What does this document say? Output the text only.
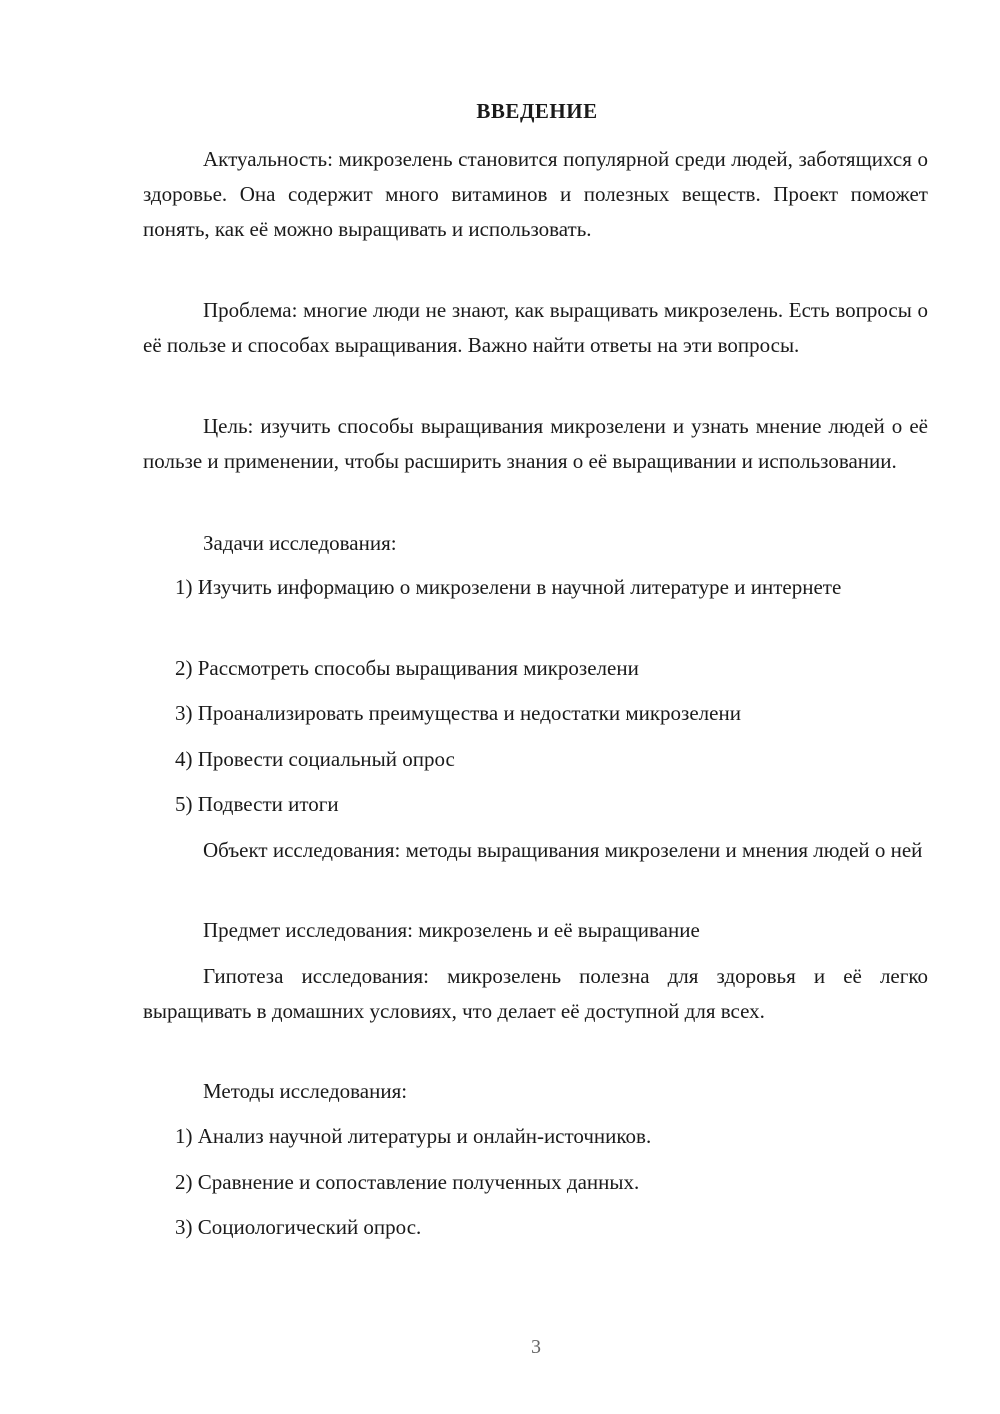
ВВЕДЕНИЕ

Актуальность: микрозелень становится популярной среди людей, заботящихся о здоровье. Она содержит много витаминов и полезных веществ. Проект поможет понять, как её можно выращивать и использовать.

Проблема: многие люди не знают, как выращивать микрозелень. Есть вопросы о её пользе и способах выращивания. Важно найти ответы на эти вопросы.

Цель: изучить способы выращивания микрозелени и узнать мнение людей о её пользе и применении, чтобы расширить знания о её выращивании и использовании.

Задачи исследования:

1) Изучить информацию о микрозелени в научной литературе и интернете

2) Рассмотреть способы выращивания микрозелени

3) Проанализировать преимущества и недостатки микрозелени

4) Провести социальный опрос

5) Подвести итоги

Объект исследования: методы выращивания микрозелени и мнения людей о ней

Предмет исследования: микрозелень и её выращивание

Гипотеза исследования: микрозелень полезна для здоровья и её легко выращивать в домашних условиях, что делает её доступной для всех.

Методы исследования:

1) Анализ научной литературы и онлайн-источников.

2) Сравнение и сопоставление полученных данных.

3) Социологический опрос.

3
